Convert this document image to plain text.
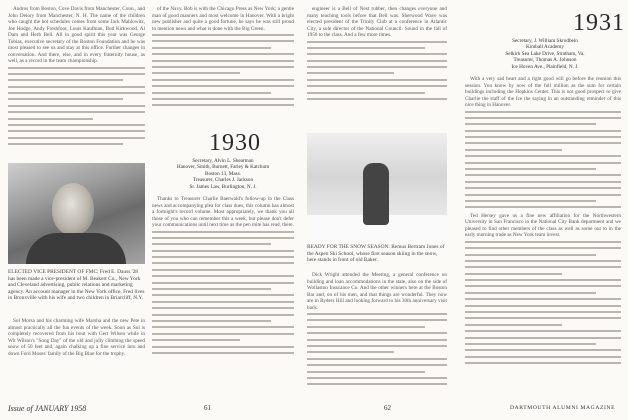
Andros from Boston, Cove Davis from Manchester, Conn., and John Delory from Manchester, N. H. The name of the children who caught the hot schedules comes from some Jack Mahlowitz, Joe Hodge, Andy Freshfoot, Louis Kaufman, Bud Kirkwood, Al Dam and Herb Bell. All in good spirit this year was George Tobias, executive secretary of the Boston Foundation and he was most pleased to see us and stay at this office. Further changes in conversation. And there, else, and in every fraternity house, as well, as a record in the team championship.

ELECTED VICE PRESIDENT OF FMC: Fred E. Dauss '28 has been made a vice-president of M. Beakert Co., New York and Cleveland advertising, public relations and marketing agency. An account manager in the New York office, Fred lives in Bronxville with his wife and two children in Briarcliff, N.Y.

Sol Morsa and his charming wife Marsha and the new Pete in almost practically all the fun events of the week. Soon as Sol is completely recovered from his bout with Gert Wilson while in Wit Wilson's "Song Day" of the old and jolly climbing the speed snow of 50 feet and, again chalking up a fine service into and down Ford Moses' family of the Big Blue for the trophy.

of the Navy. Bob is with the Chicago Press as New York; a gentle man of good manners and most welcome in Hanover. With a bright new publisher and quite a good fortune, he says he was still proud to mention news and what is done with the Big Green.

1930
Secretary, Alvin L. Shearman
Hanover, Smith, Burnett, Farley & Katchum
Boston 13, Mass.
Treasurer, Charles J. Jackson
Sr. James Law, Burlington, N. J.

Thanks to Treasurer Charlie Baerwald's follow-up in the Class news and accompanying plea for class dues, this column has almost a fortnight's record volume. Most appropriately, we thank you all those of you who can remember this a week, but please don't defer your communications until next time as the pen mite has read, there.

engineer is a Bell of Nest rubber, then changes everyone and many teaching tools before that Bell was. Sherwood Wave was elected president of the Trinity Club at a conference in Atlantic City, a sole director of the National Council. Sound in the fall of 1956 to the class. And a few more times.

READY FOR THE SNOW SEASON: Remus Bertram Jones of the Aspen Ski School, whose first season skiing in the snow, here stands in front of old Baker.

Dick Wright attended the Meeting, a general conference on building and loan accommodations in the state, also on the side of Wollaston Insurance Co. And the other winners here at the Boston Bar and, on of his men, and that things are wonderful. They now are in Ryders Hill and looking forward to his 30th anniversary visit back.

1931
Secretary, J. William Skrodbein
Kimball Academy
Selkirk Sea Lake Drive, Stratham, Va.
Treasurer, Thomas A. Johnson
Ice Hoven Ave., Plainfield, N. J.

With a very sad heart and a right good will go before the reunion this session. You know by now of the full million as the sum for certain buildings including the Hopkins Center. This is not good prospect to give Charlie the staff of the Ice the saying in an outstanding reminder of this nice thing in Hanover.

Ted Hersey gave us a fine new affiliation for the Northwestern University in San Francisco in the National City Bank department and we pleased to find other members of the class as well as some out to in the early morning trade as New York team invest.

Issue of JANUARY 1958	61	62	DARTMOUTH ALUMNI MAGAZINE
